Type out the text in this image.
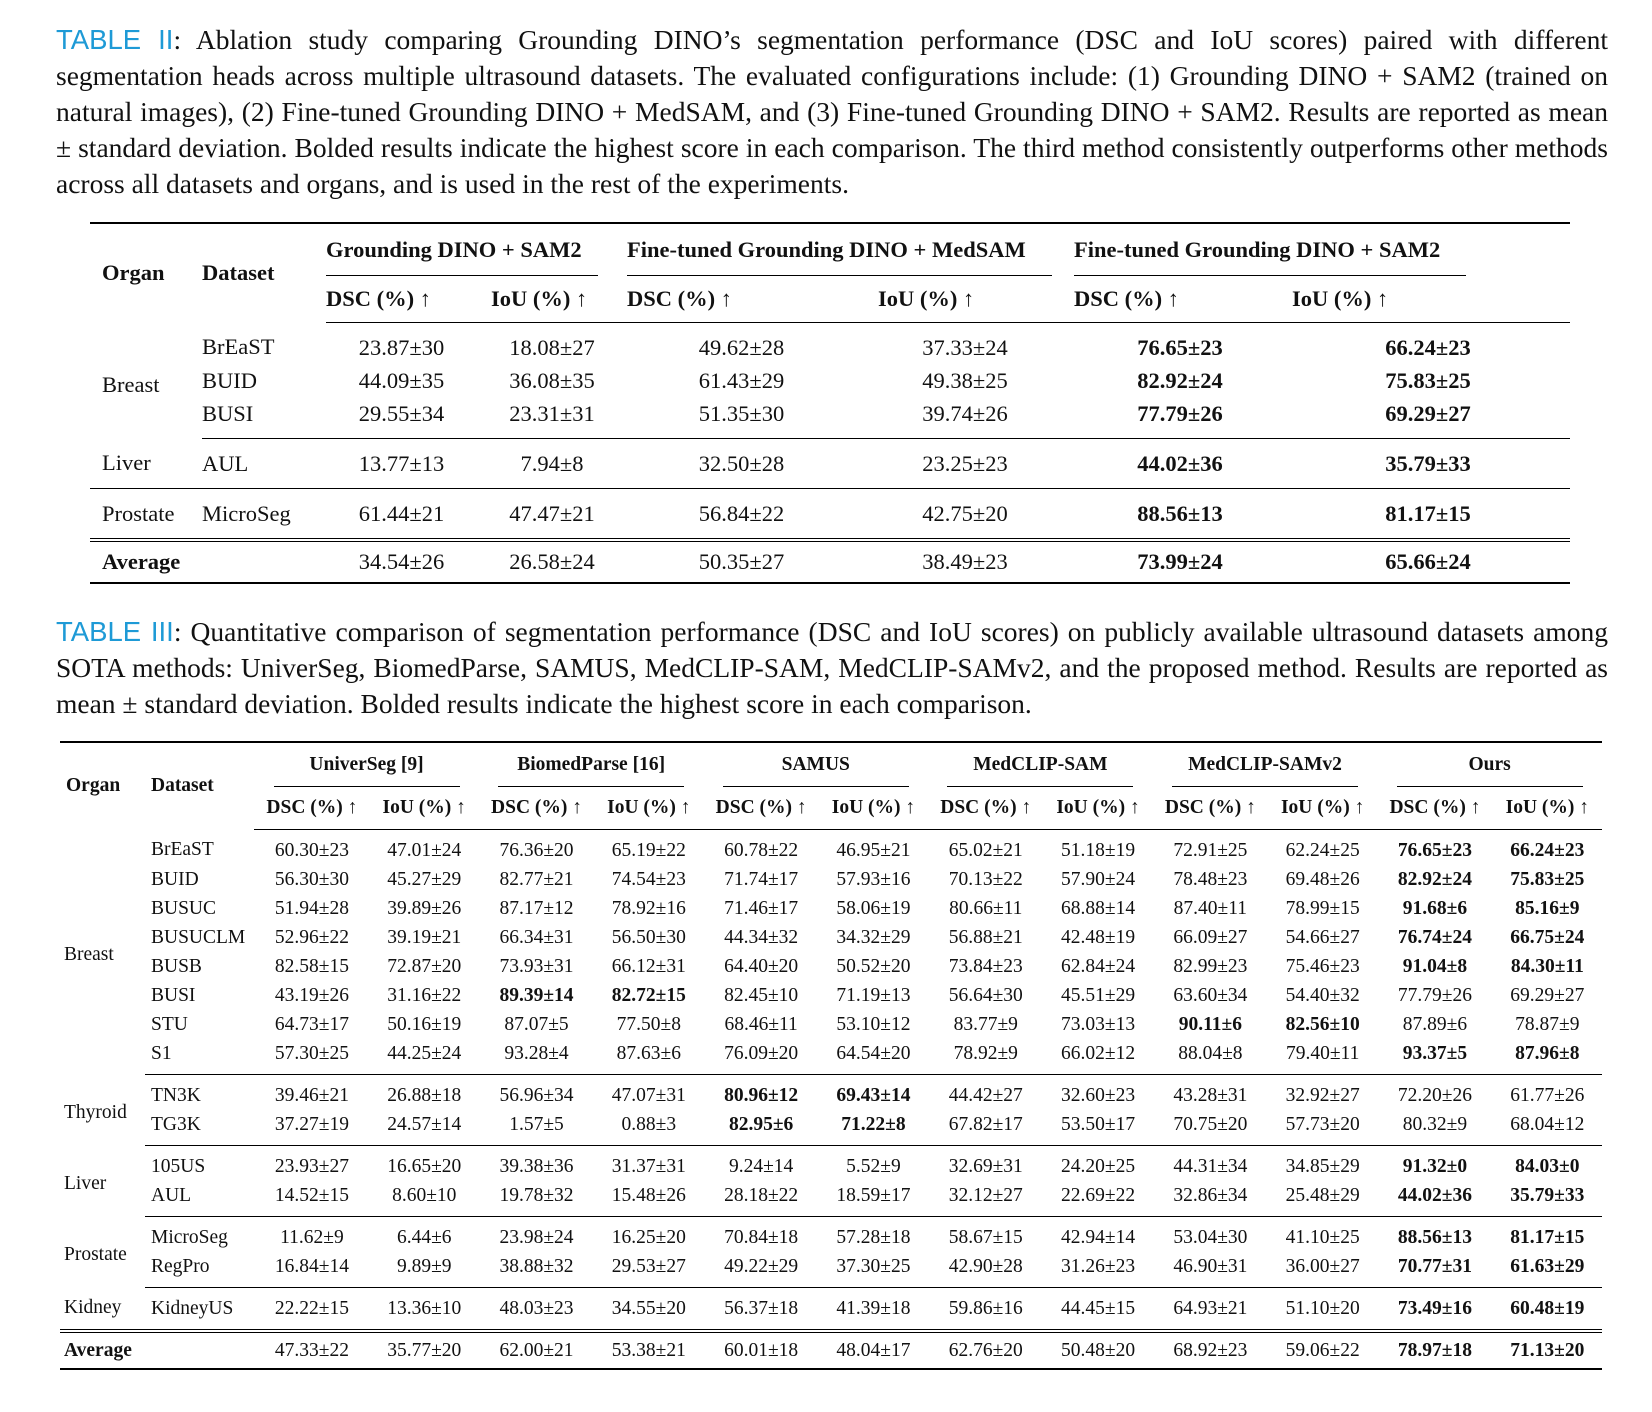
TABLE II: Ablation study comparing Grounding DINO’s segmentation performance (DSC and IoU scores) paired with different segmentation heads across multiple ultrasound datasets. The evaluated configurations include: (1) Grounding DINO + SAM2 (trained on natural images), (2) Fine-tuned Grounding DINO + MedSAM, and (3) Fine-tuned Grounding DINO + SAM2. Results are reported as mean ± standard deviation. Bolded results indicate the highest score in each comparison. The third method consistently outperforms other methods across all datasets and organs, and is used in the rest of the experiments.
Organ	Dataset	Grounding DINO + SAM2		Fine-tuned Grounding DINO + MedSAM		Fine-tuned Grounding DINO + SAM2	
		DSC (%) ↑	IoU (%) ↑	DSC (%) ↑	IoU (%) ↑	DSC (%) ↑	IoU (%) ↑
Breast	BrEaST	23.87±30	18.08±27	49.62±28	37.33±24	76.65±23	66.24±23
	BUID	44.09±35	36.08±35	61.43±29	49.38±25	82.92±24	75.83±25
	BUSI	29.55±34	23.31±31	51.35±30	39.74±26	77.79±26	69.29±27
Liver	AUL	13.77±13	7.94±8	32.50±28	23.25±23	44.02±36	35.79±33
Prostate	MicroSeg	61.44±21	47.47±21	56.84±22	42.75±20	88.56±13	81.17±15
Average		34.54±26	26.58±24	50.35±27	38.49±23	73.99±24	65.66±24
TABLE III: Quantitative comparison of segmentation performance (DSC and IoU scores) on publicly available ultrasound datasets among SOTA methods: UniverSeg, BiomedParse, SAMUS, MedCLIP-SAM, MedCLIP-SAMv2, and the proposed method. Results are reported as mean ± standard deviation. Bolded results indicate the highest score in each comparison.
Organ	Dataset	UniverSeg [9]		BiomedParse [16]		SAMUS		MedCLIP-SAM		MedCLIP-SAMv2		Ours	
		DSC (%) ↑	IoU (%) ↑	DSC (%) ↑	IoU (%) ↑	DSC (%) ↑	IoU (%) ↑	DSC (%) ↑	IoU (%) ↑	DSC (%) ↑	IoU (%) ↑	DSC (%) ↑	IoU (%) ↑
Breast	BrEaST	60.30±23	47.01±24	76.36±20	65.19±22	60.78±22	46.95±21	65.02±21	51.18±19	72.91±25	62.24±25	76.65±23	66.24±23
	BUID	56.30±30	45.27±29	82.77±21	74.54±23	71.74±17	57.93±16	70.13±22	57.90±24	78.48±23	69.48±26	82.92±24	75.83±25
	BUSUC	51.94±28	39.89±26	87.17±12	78.92±16	71.46±17	58.06±19	80.66±11	68.88±14	87.40±11	78.99±15	91.68±6	85.16±9
	BUSUCLM	52.96±22	39.19±21	66.34±31	56.50±30	44.34±32	34.32±29	56.88±21	42.48±19	66.09±27	54.66±27	76.74±24	66.75±24
	BUSB	82.58±15	72.87±20	73.93±31	66.12±31	64.40±20	50.52±20	73.84±23	62.84±24	82.99±23	75.46±23	91.04±8	84.30±11
	BUSI	43.19±26	31.16±22	89.39±14	82.72±15	82.45±10	71.19±13	56.64±30	45.51±29	63.60±34	54.40±32	77.79±26	69.29±27
	STU	64.73±17	50.16±19	87.07±5	77.50±8	68.46±11	53.10±12	83.77±9	73.03±13	90.11±6	82.56±10	87.89±6	78.87±9
	S1	57.30±25	44.25±24	93.28±4	87.63±6	76.09±20	64.54±20	78.92±9	66.02±12	88.04±8	79.40±11	93.37±5	87.96±8
Thyroid	TN3K	39.46±21	26.88±18	56.96±34	47.07±31	80.96±12	69.43±14	44.42±27	32.60±23	43.28±31	32.92±27	72.20±26	61.77±26
	TG3K	37.27±19	24.57±14	1.57±5	0.88±3	82.95±6	71.22±8	67.82±17	53.50±17	70.75±20	57.73±20	80.32±9	68.04±12
Liver	105US	23.93±27	16.65±20	39.38±36	31.37±31	9.24±14	5.52±9	32.69±31	24.20±25	44.31±34	34.85±29	91.32±0	84.03±0
	AUL	14.52±15	8.60±10	19.78±32	15.48±26	28.18±22	18.59±17	32.12±27	22.69±22	32.86±34	25.48±29	44.02±36	35.79±33
Prostate	MicroSeg	11.62±9	6.44±6	23.98±24	16.25±20	70.84±18	57.28±18	58.67±15	42.94±14	53.04±30	41.10±25	88.56±13	81.17±15
	RegPro	16.84±14	9.89±9	38.88±32	29.53±27	49.22±29	37.30±25	42.90±28	31.26±23	46.90±31	36.00±27	70.77±31	61.63±29
Kidney	KidneyUS	22.22±15	13.36±10	48.03±23	34.55±20	56.37±18	41.39±18	59.86±16	44.45±15	64.93±21	51.10±20	73.49±16	60.48±19
Average		47.33±22	35.77±20	62.00±21	53.38±21	60.01±18	48.04±17	62.76±20	50.48±20	68.92±23	59.06±22	78.97±18	71.13±20
